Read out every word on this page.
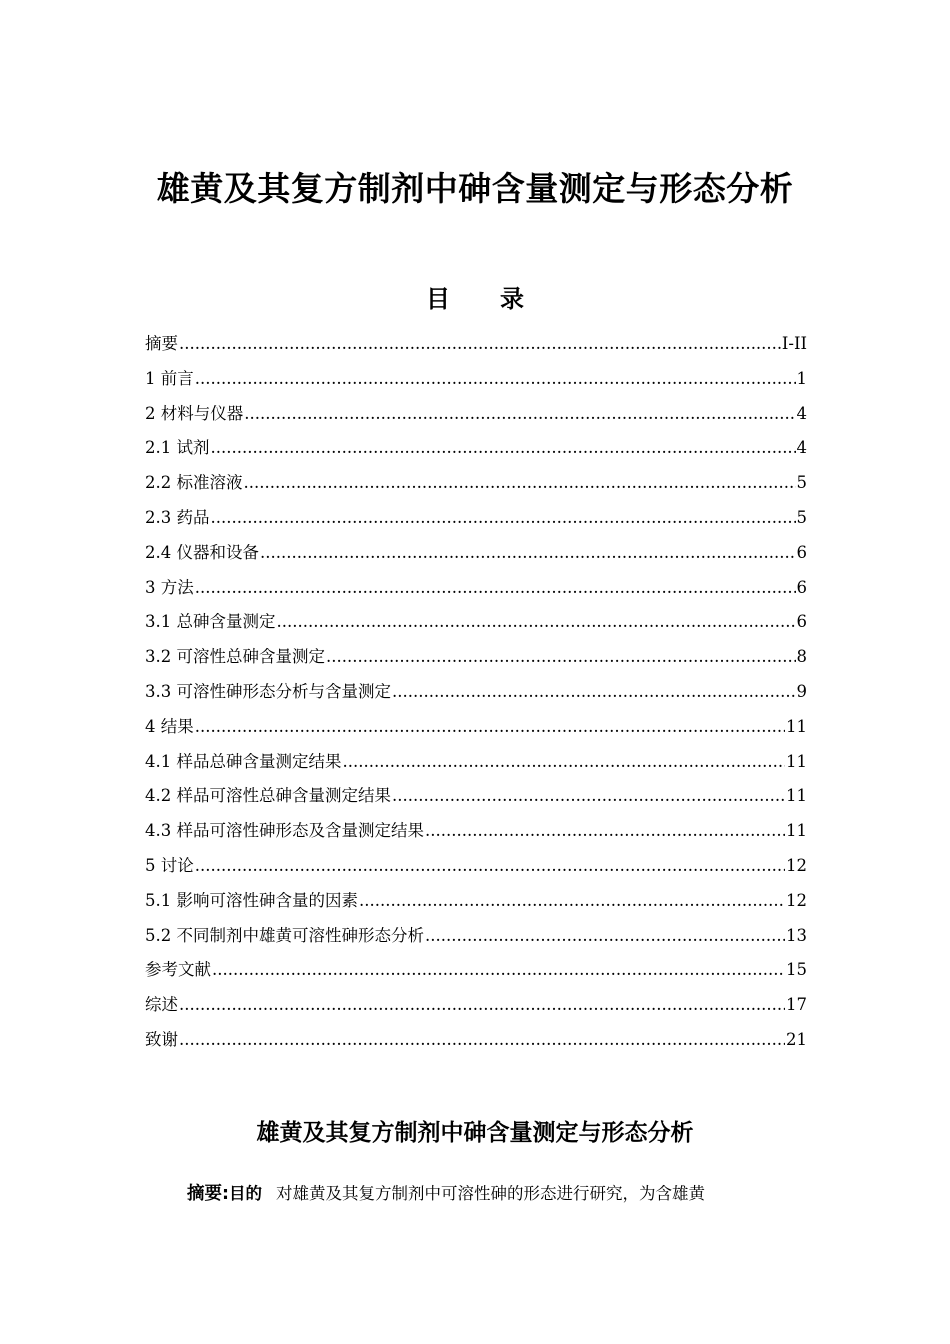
雄黄及其复方制剂中砷含量测定与形态分析
目 录
摘要 .....	I-II
1 前言 .....	1
2 材料与仪器 .....	4
2.1 试剂 .....	4
2.2 标准溶液 .....	5
2.3 药品 .....	5
2.4 仪器和设备 .....	6
3 方法 .....	6
3.1 总砷含量测定 .....	6
3.2 可溶性总砷含量测定 .....	8
3.3 可溶性砷形态分析与含量测定 .....	9
4 结果 .....	11
4.1 样品总砷含量测定结果 .....	11
4.2 样品可溶性总砷含量测定结果 .....	11
4.3 样品可溶性砷形态及含量测定结果 .....	11
5 讨论 .....	12
5.1 影响可溶性砷含量的因素 .....	12
5.2 不同制剂中雄黄可溶性砷形态分析 .....	13
参考文献 .....	15
综述 .....	17
致谢 .....	21
雄黄及其复方制剂中砷含量测定与形态分析
摘要:目的 对雄黄及其复方制剂中可溶性砷的形态进行研究，为含雄黄
